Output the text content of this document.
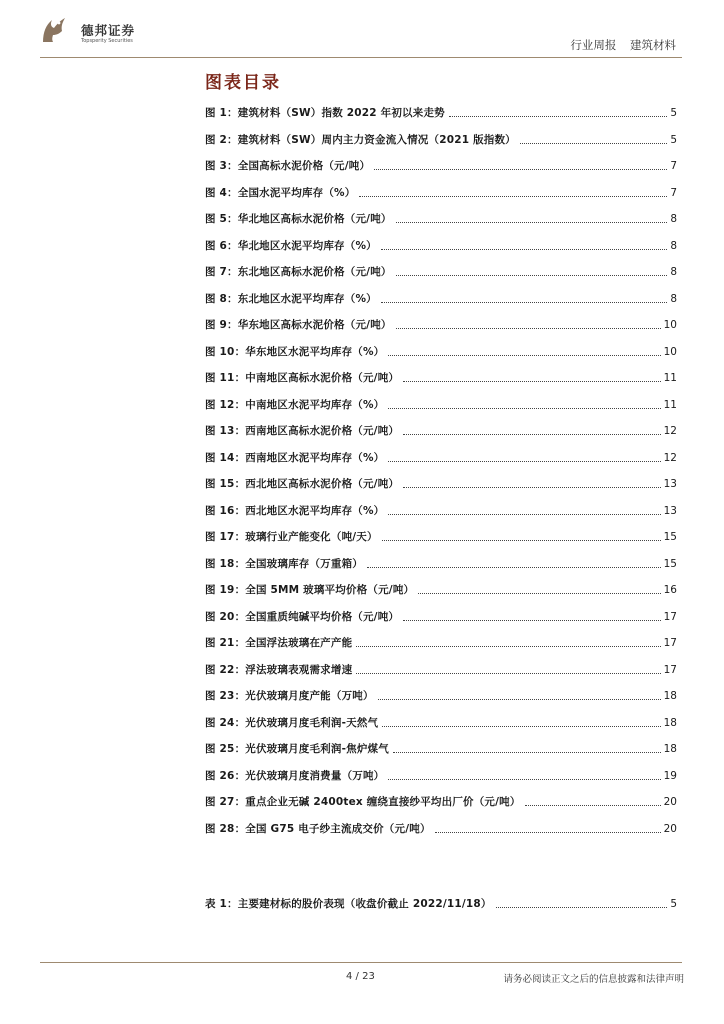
德邦证券
Topsperity Securities	行业周报 建筑材料
图表目录
图 1：建筑材料（SW）指数 2022 年初以来走势	5
图 2：建筑材料（SW）周内主力资金流入情况（2021 版指数）	5
图 3：全国高标水泥价格（元/吨）	7
图 4：全国水泥平均库存（%）	7
图 5：华北地区高标水泥价格（元/吨）	8
图 6：华北地区水泥平均库存（%）	8
图 7：东北地区高标水泥价格（元/吨）	8
图 8：东北地区水泥平均库存（%）	8
图 9：华东地区高标水泥价格（元/吨）	10
图 10：华东地区水泥平均库存（%）	10
图 11：中南地区高标水泥价格（元/吨）	11
图 12：中南地区水泥平均库存（%）	11
图 13：西南地区高标水泥价格（元/吨）	12
图 14：西南地区水泥平均库存（%）	12
图 15：西北地区高标水泥价格（元/吨）	13
图 16：西北地区水泥平均库存（%）	13
图 17：玻璃行业产能变化（吨/天）	15
图 18：全国玻璃库存（万重箱）	15
图 19：全国 5MM 玻璃平均价格（元/吨）	16
图 20：全国重质纯碱平均价格（元/吨）	17
图 21：全国浮法玻璃在产产能	17
图 22：浮法玻璃表观需求增速	17
图 23：光伏玻璃月度产能（万吨）	18
图 24：光伏玻璃月度毛利润-天然气	18
图 25：光伏玻璃月度毛利润-焦炉煤气	18
图 26：光伏玻璃月度消费量（万吨）	19
图 27：重点企业无碱 2400tex 缠绕直接纱平均出厂价（元/吨）	20
图 28：全国 G75 电子纱主流成交价（元/吨）	20
表 1：主要建材标的股价表现（收盘价截止 2022/11/18）	5
4 / 23	请务必阅读正文之后的信息披露和法律声明
